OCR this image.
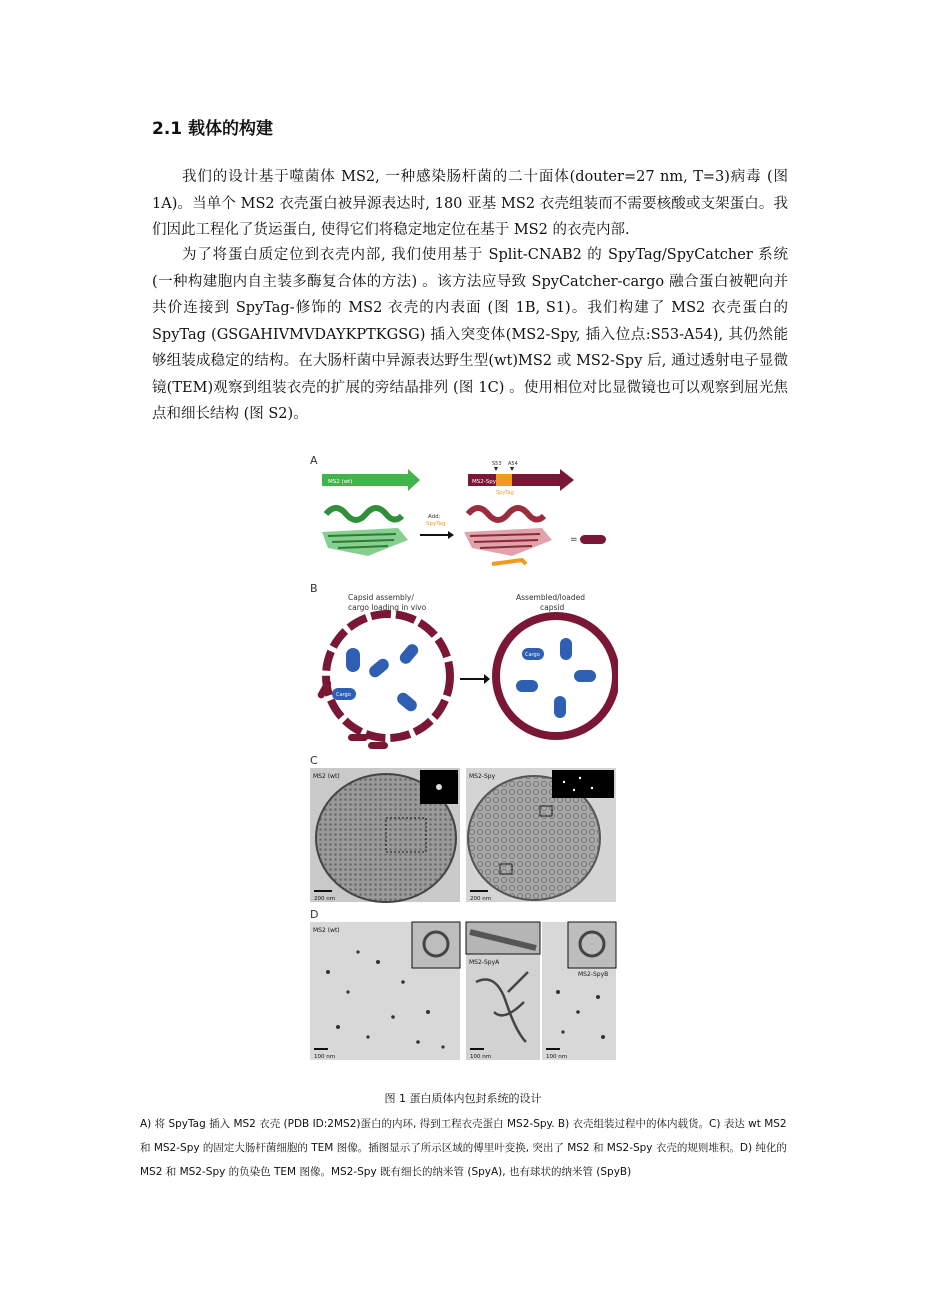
2.1 载体的构建

我们的设计基于噬菌体 MS2, 一种感染肠杆菌的二十面体(douter=27 nm, T=3)病毒 (图 1A)。当单个 MS2 衣壳蛋白被异源表达时, 180 亚基 MS2 衣壳组装而不需要核酸或支架蛋白。我们因此工程化了货运蛋白, 使得它们将稳定地定位在基于 MS2 的衣壳内部.

为了将蛋白质定位到衣壳内部, 我们使用基于 Split-CNAB2 的 SpyTag/SpyCatcher 系统 (一种构建胞内自主装多酶复合体的方法) 。该方法应导致 SpyCatcher-cargo 融合蛋白被靶向并共价连接到 SpyTag-修饰的 MS2 衣壳的内表面 (图 1B, S1)。我们构建了 MS2 衣壳蛋白的 SpyTag (GSGAHIVMVDAYKPTKGSG) 插入突变体(MS2-Spy, 插入位点:S53-A54), 其仍然能够组装成稳定的结构。在大肠杆菌中异源表达野生型(wt)MS2 或 MS2-Spy 后, 通过透射电子显微镜(TEM)观察到组装衣壳的扩展的旁结晶排列 (图 1C) 。使用相位对比显微镜也可以观察到屈光焦点和细长结构 (图 S2)。

A
MS2 (wt)	MS2-Spy
S53 A54
SpyTag
Add:
SpyTag
=
B
Capsid assembly/
cargo loading in vivo
Assembled/loaded
capsid
Cargo
Cargo
C
MS2 (wt)
200 nm
MS2-Spy
200 nm
D
MS2 (wt)
100 nm
MS2-SpyA
100 nm
MS2-SpyB
100 nm
图 1 蛋白质体内包封系统的设计

A) 将 SpyTag 插入 MS2 衣壳 (PDB ID:2MS2)蛋白的内环, 得到工程衣壳蛋白 MS2-Spy. B) 衣壳组装过程中的体内载货。C) 表达 wt MS2 和 MS2-Spy 的固定大肠杆菌细胞的 TEM 图像。插图显示了所示区域的傅里叶变换, 突出了 MS2 和 MS2-Spy 衣壳的规则堆积。D) 纯化的 MS2 和 MS2-Spy 的负染色 TEM 图像。MS2-Spy 既有细长的纳米管 (SpyA), 也有球状的纳米管 (SpyB)
